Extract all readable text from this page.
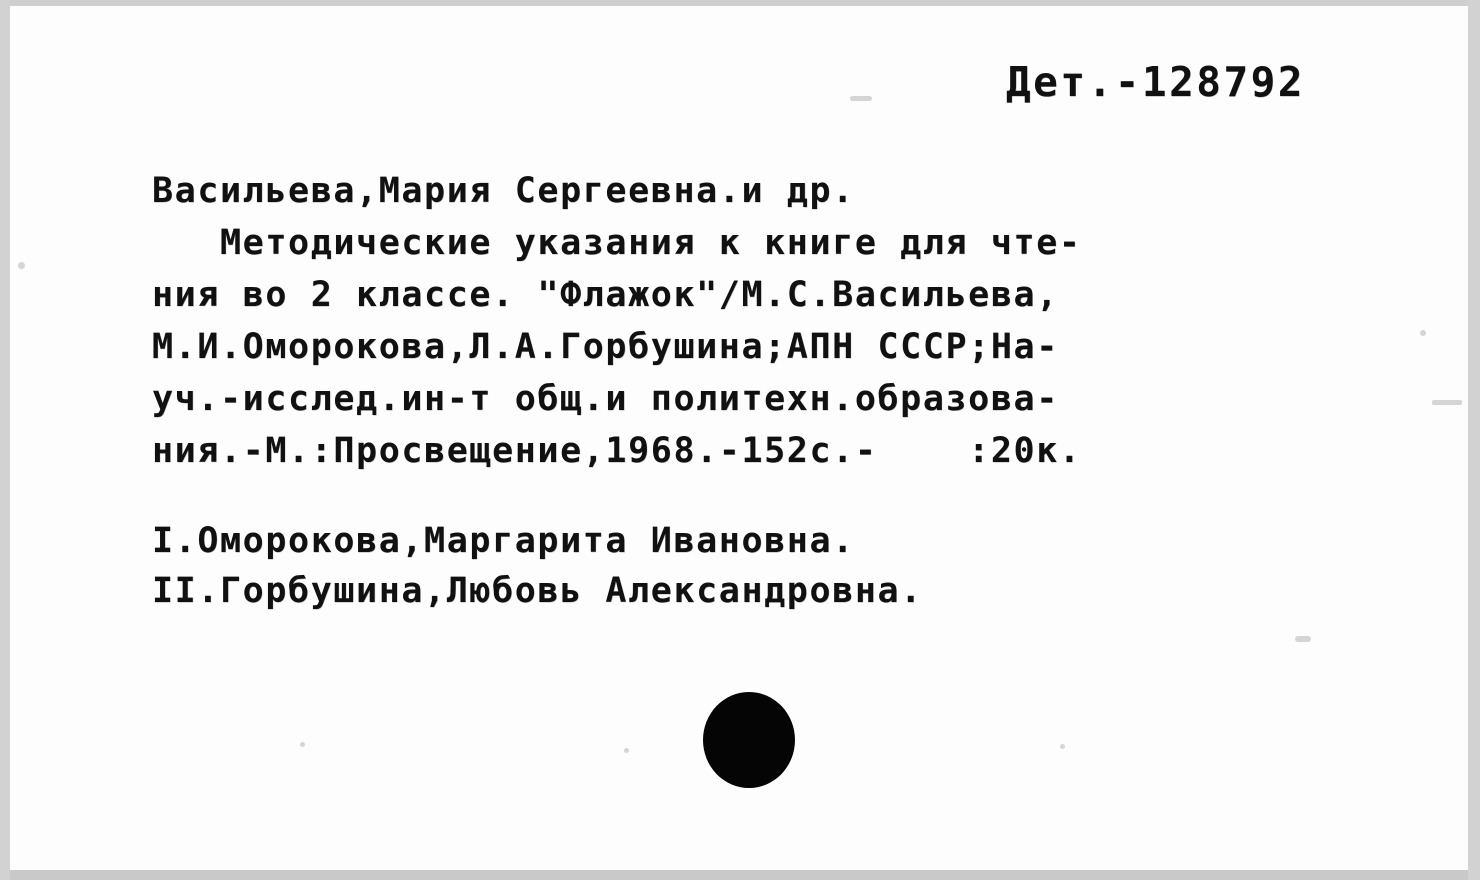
Дет.-128792
Васильева,Мария Сергеевна.и др.
Методические указания к книге для чте-
ния во 2 классе. "Флажок"/М.С.Васильева,
М.И.Оморокова,Л.А.Горбушина;АПН СССР;На-
уч.-исслед.ин-т общ.и политехн.образова-
ния.-М.:Просвещение,1968.-152с.-    :20к.
I.Оморокова,Маргарита Ивановна.
II.Горбушина,Любовь Александровна.
